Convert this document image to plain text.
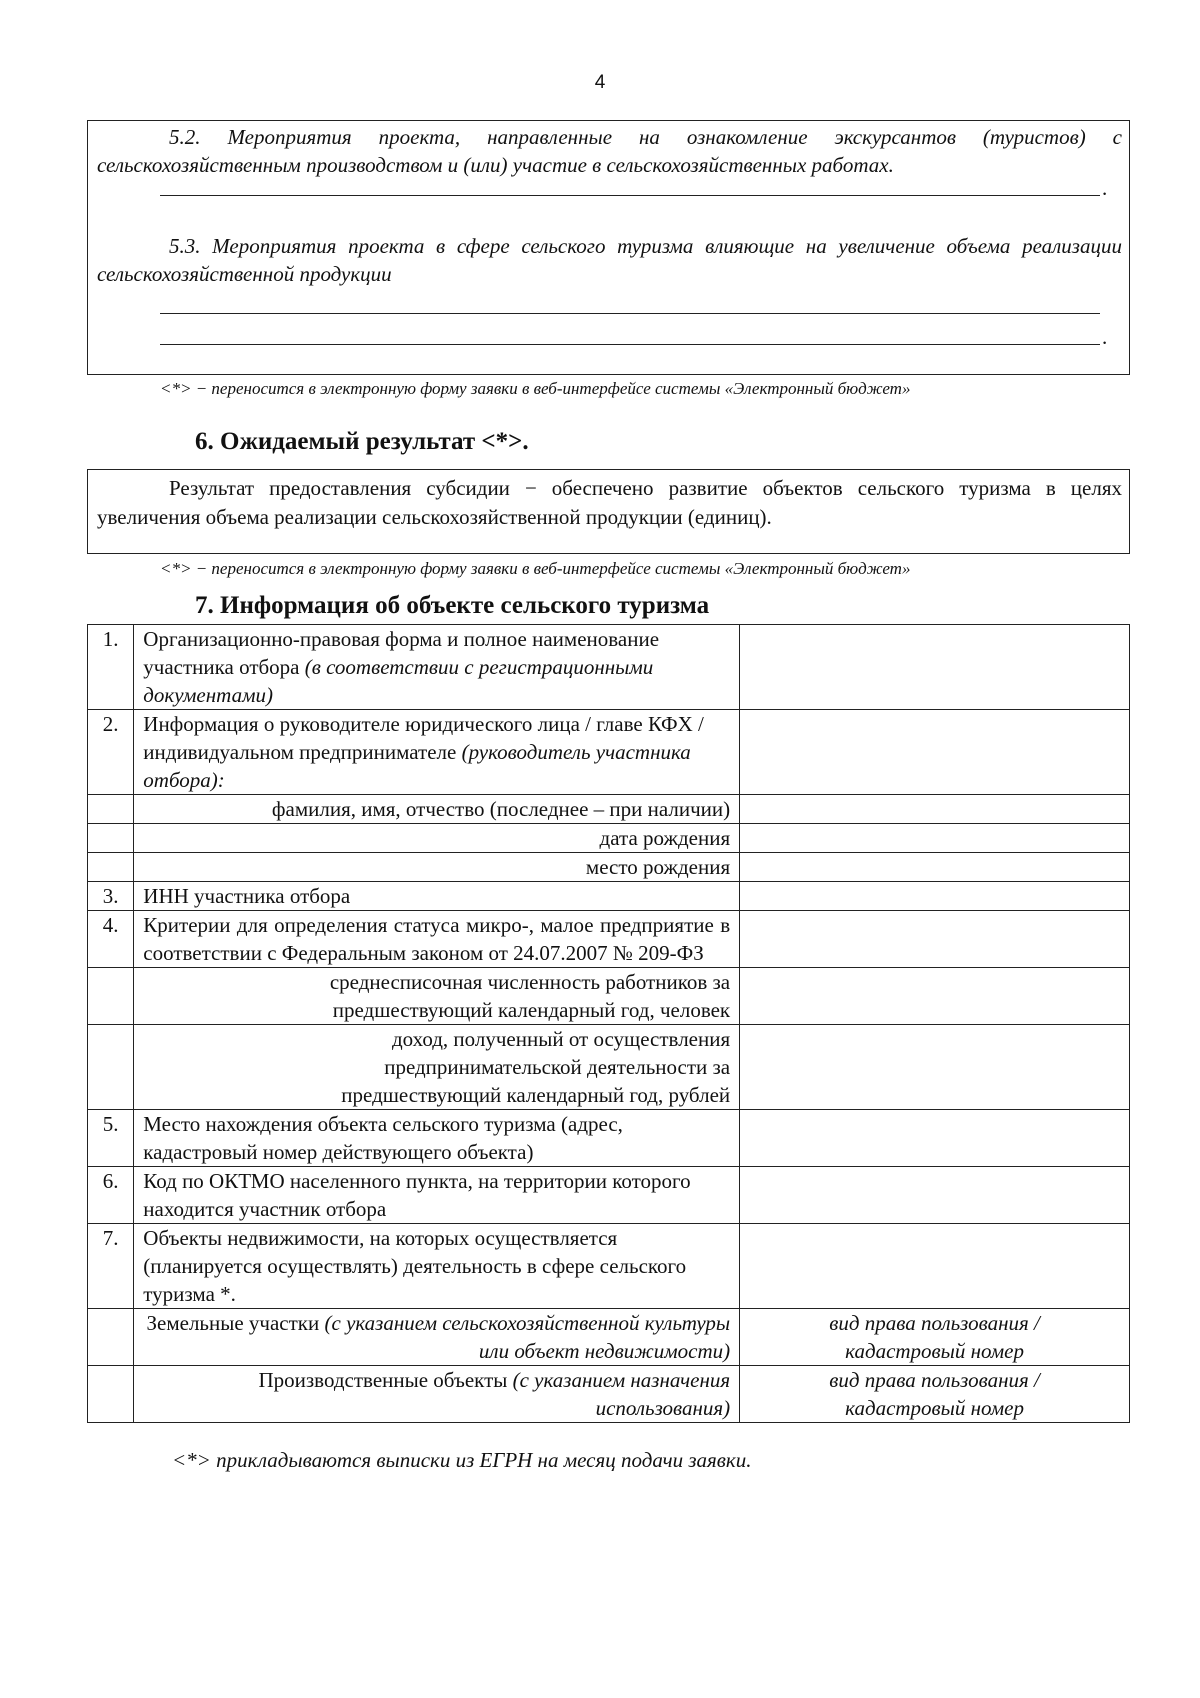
4
5.2. Мероприятия проекта, направленные на ознакомление экскурсантов (туристов) с сельскохозяйственным производством и (или) участие в сельскохозяйственных работах.
.
5.3. Мероприятия проекта в сфере сельского туризма влияющие на увеличение объема реализации сельскохозяйственной продукции
.
<*> − переносится в электронную форму заявки в веб-интерфейсе системы «Электронный бюджет»
6. Ожидаемый результат <*>.
Результат предоставления субсидии − обеспечено развитие объектов сельского туризма в целях увеличения объема реализации сельскохозяйственной продукции (единиц).
<*> − переносится в электронную форму заявки в веб-интерфейсе системы «Электронный бюджет»
7. Информация об объекте сельского туризма
1.	Организационно-правовая форма и полное наименование участника отбора (в соответствии с регистрационными документами)	
2.	Информация о руководителе юридического лица / главе КФХ / индивидуальном предпринимателе (руководитель участника отбора):	
	фамилия, имя, отчество (последнее – при наличии)	
	дата рождения	
	место рождения	
3.	ИНН участника отбора	
4.	Критерии для определения статуса микро-, малое предприятие в соответствии с Федеральным законом от 24.07.2007 № 209-ФЗ	

	среднесписочная численность работников за предшествующий календарный год, человек	

	доход, полученный от осуществления предпринимательской деятельности за предшествующий календарный год, рублей	

5.	Место нахождения объекта сельского туризма (адрес, кадастровый номер действующего объекта)	
6.	Код по ОКТМО населенного пункта, на территории которого находится участник отбора	
7.	Объекты недвижимости, на которых осуществляется (планируется осуществлять) деятельность в сфере сельского туризма *.	
	Земельные участки (с указанием сельскохозяйственной культуры или объект недвижимости)	вид права пользования / кадастровый номер

	Производственные объекты (с указанием назначения использования)	вид права пользования / кадастровый номер
<*> прикладываются выписки из ЕГРН на месяц подачи заявки.
